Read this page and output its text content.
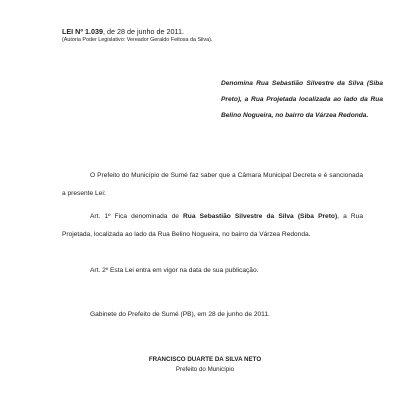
LEI Nº 1.039, de 28 de junho de 2011.
(Autoria Poder Legislativo: Vereador Geraldo Feitosa da Silva).
Denomina Rua Sebastião Silvestre da Silva (Siba Preto), a Rua Projetada localizada ao lado da Rua Belino Nogueira, no bairro da Várzea Redonda.
O Prefeito do Município de Sumé faz saber que a Câmara Municipal Decreta e é sancionada a presente Lei:
Art. 1º Fica denominada de Rua Sebastião Silvestre da Silva (Siba Preto), a Rua Projetada, localizada ao lado da Rua Belino Nogueira, no bairro da Várzea Redonda.
Art. 2º Esta Lei entra em vigor na data de sua publicação.
Gabinete do Prefeito de Sumé (PB), em 28 de junho de 2011.
FRANCISCO DUARTE DA SILVA NETO
Prefeito do Município
